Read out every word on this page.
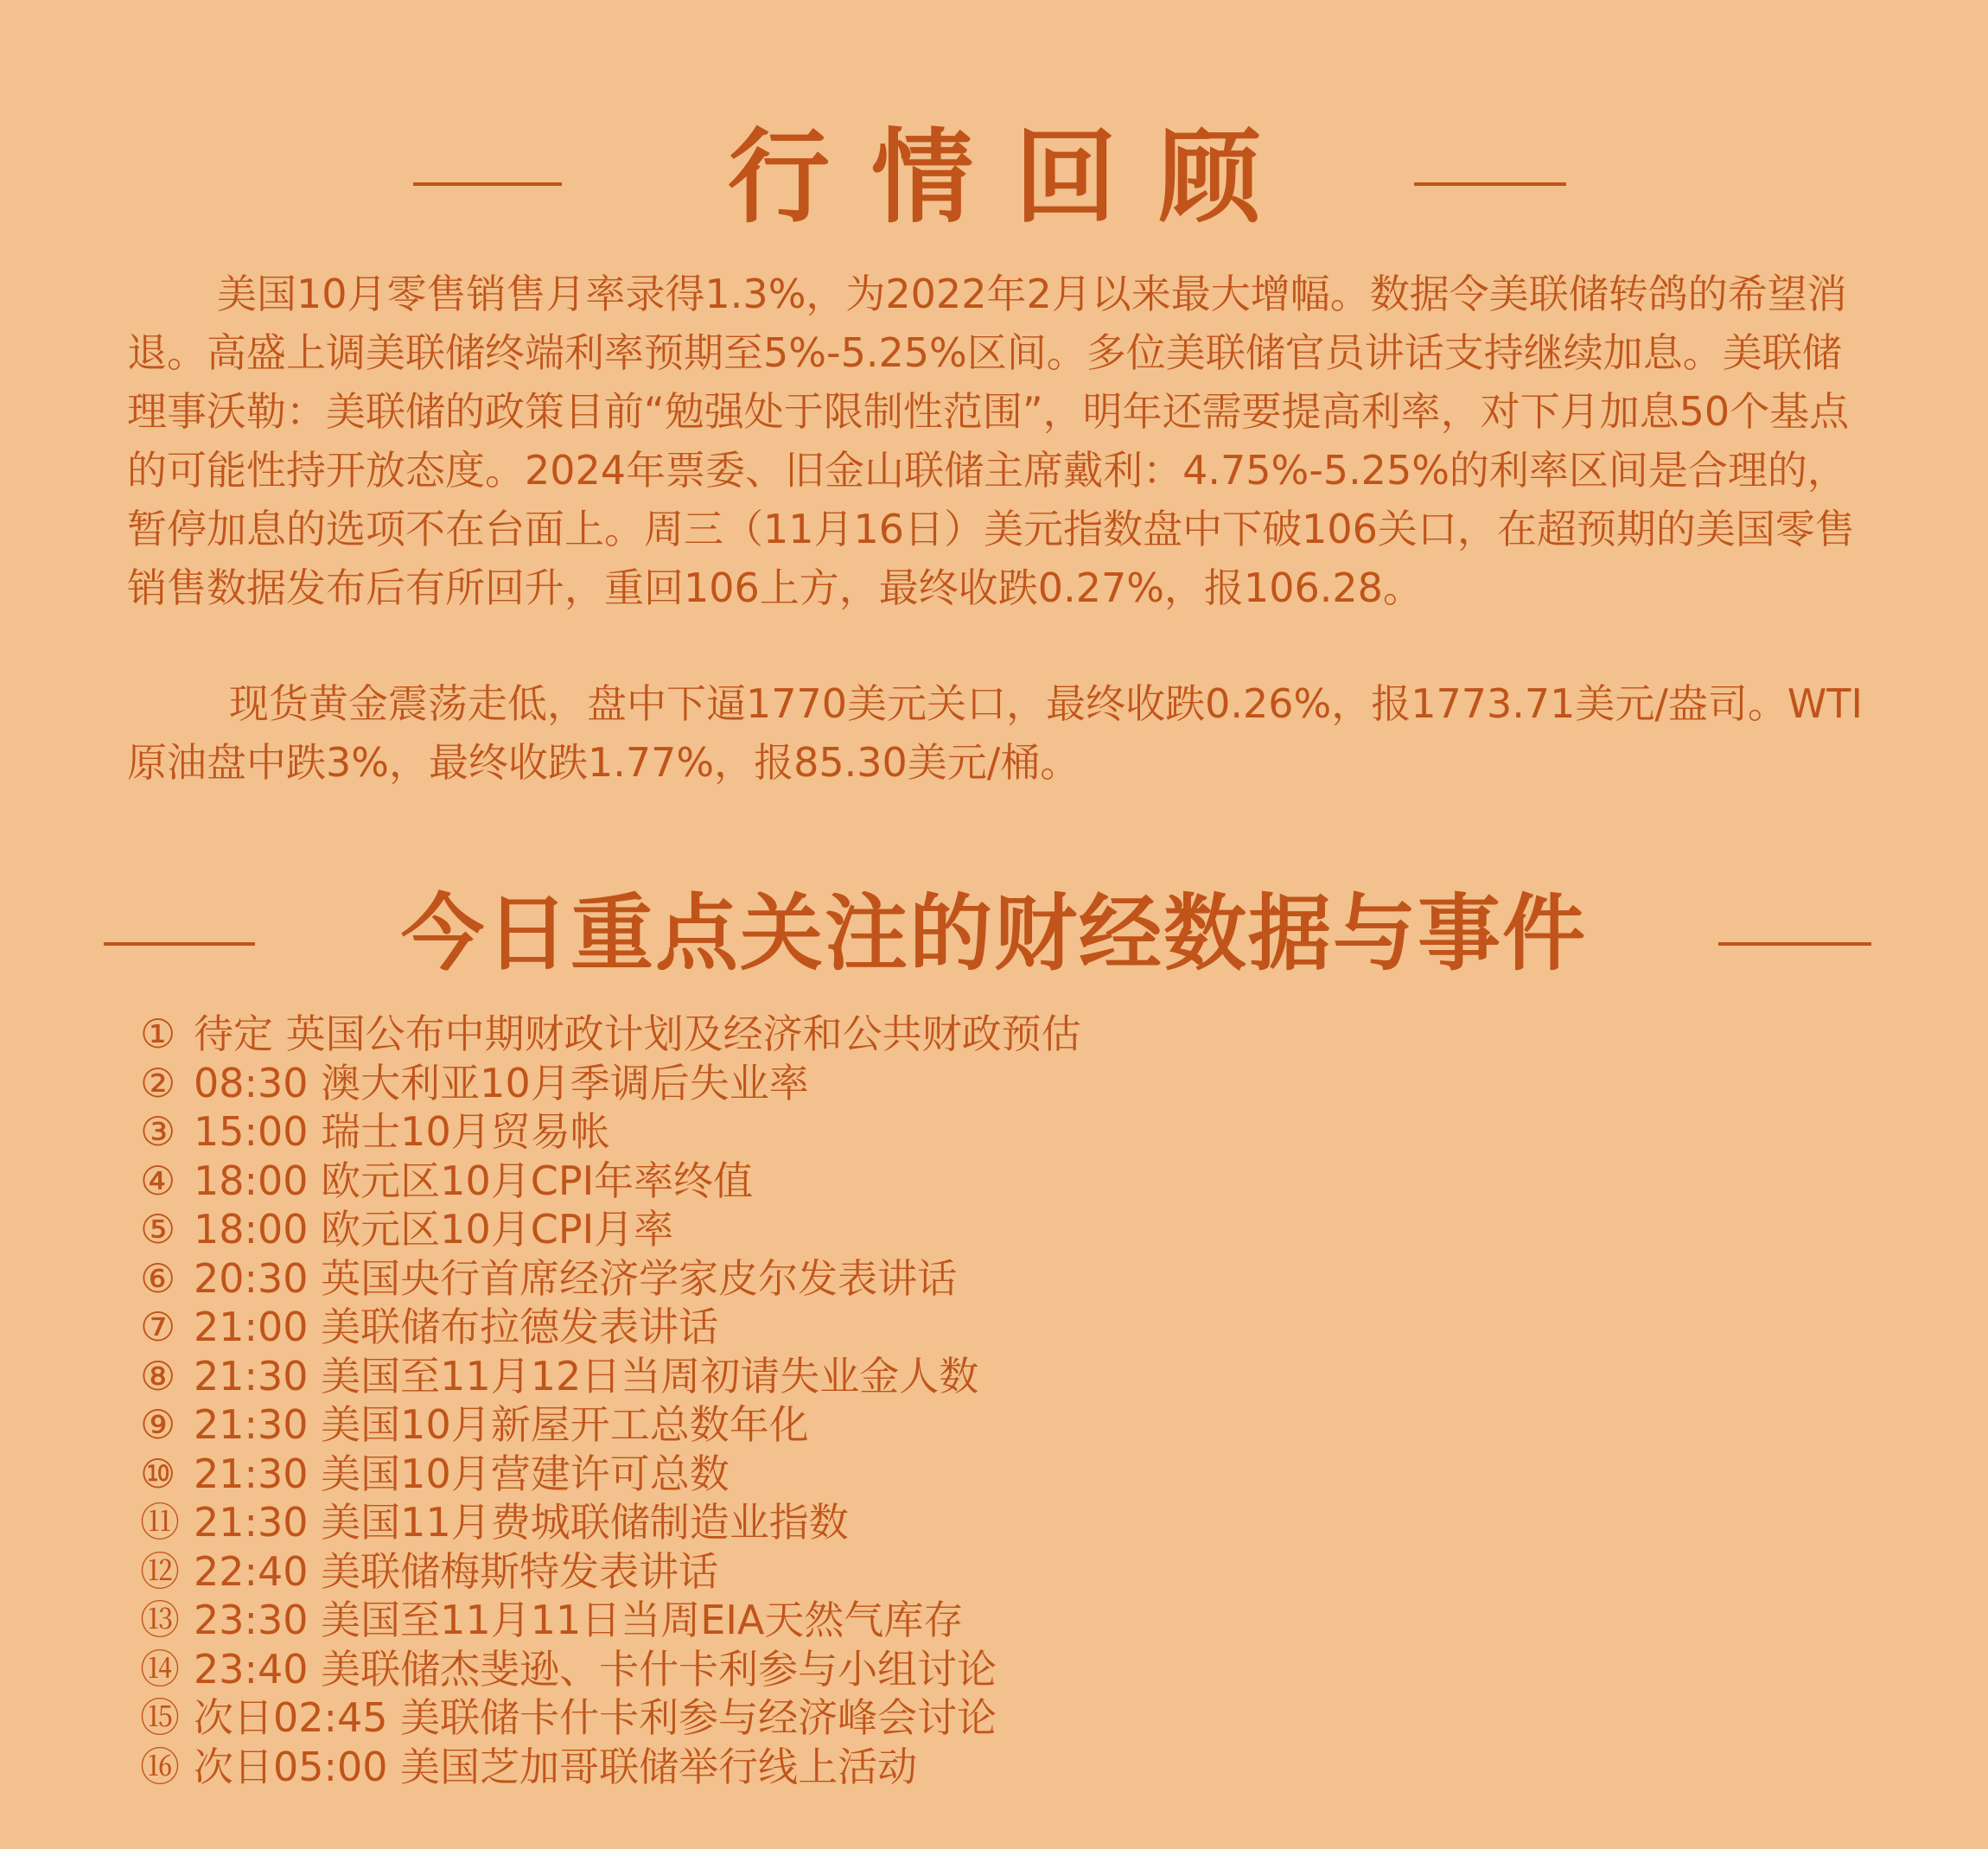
行情回顾

美国10月零售销售月率录得1.3%，为2022年2月以来最大增幅。数据令美联储转鸽的希望消退。高盛上调美联储终端利率预期至5%-5.25%区间。多位美联储官员讲话支持继续加息。美联储理事沃勒：美联储的政策目前“勉强处于限制性范围”，明年还需要提高利率，对下月加息50个基点的可能性持开放态度。2024年票委、旧金山联储主席戴利：4.75%-5.25%的利率区间是合理的，暂停加息的选项不在台面上。周三（11月16日）美元指数盘中下破106关口，在超预期的美国零售销售数据发布后有所回升，重回106上方，最终收跌0.27%，报106.28。

现货黄金震荡走低，盘中下逼1770美元关口，最终收跌0.26%，报1773.71美元/盎司。WTI原油盘中跌3%，最终收跌1.77%，报85.30美元/桶。

今日重点关注的财经数据与事件
① 待定 英国公布中期财政计划及经济和公共财政预估
② 08:30 澳大利亚10月季调后失业率
③ 15:00 瑞士10月贸易帐
④ 18:00 欧元区10月CPI年率终值
⑤ 18:00 欧元区10月CPI月率
⑥ 20:30 英国央行首席经济学家皮尔发表讲话
⑦ 21:00 美联储布拉德发表讲话
⑧ 21:30 美国至11月12日当周初请失业金人数
⑨ 21:30 美国10月新屋开工总数年化
⑩ 21:30 美国10月营建许可总数
⑪ 21:30 美国11月费城联储制造业指数
⑫ 22:40 美联储梅斯特发表讲话
⑬ 23:30 美国至11月11日当周EIA天然气库存
⑭ 23:40 美联储杰斐逊、卡什卡利参与小组讨论
⑮ 次日02:45 美联储卡什卡利参与经济峰会讨论
⑯ 次日05:00 美国芝加哥联储举行线上活动
